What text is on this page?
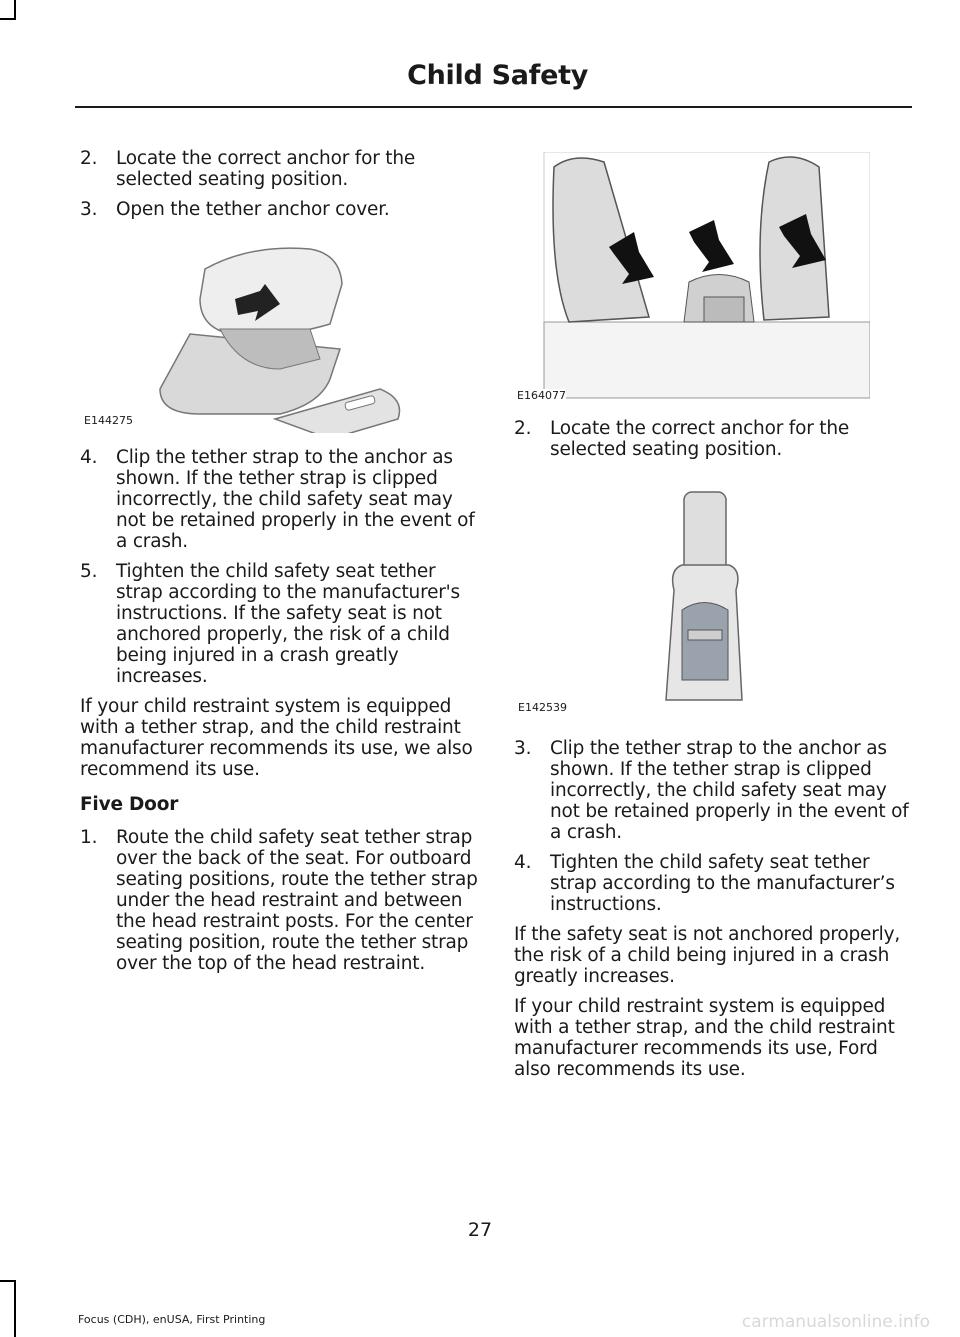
Child Safety
2.	Locate the correct anchor for the selected seating position.
3.	Open the tether anchor cover.
E144275
4.	Clip the tether strap to the anchor as shown. If the tether strap is clipped incorrectly, the child safety seat may not be retained properly in the event of a crash.
5.	Tighten the child safety seat tether strap according to the manufacturer's instructions. If the safety seat is not anchored properly, the risk of a child being injured in a crash greatly increases.

If your child restraint system is equipped with a tether strap, and the child restraint manufacturer recommends its use, we also recommend its use.

Five Door
1.	Route the child safety seat tether strap over the back of the seat. For outboard seating positions, route the tether strap under the head restraint and between the head restraint posts. For the center seating position, route the tether strap over the top of the head restraint.
E164077
2.	Locate the correct anchor for the selected seating position.
E142539
3.	Clip the tether strap to the anchor as shown. If the tether strap is clipped incorrectly, the child safety seat may not be retained properly in the event of a crash.
4.	Tighten the child safety seat tether strap according to the manufacturer’s instructions.

If the safety seat is not anchored properly, the risk of a child being injured in a crash greatly increases.

If your child restraint system is equipped with a tether strap, and the child restraint manufacturer recommends its use, Ford also recommends its use.

27
Focus (CDH), enUSA, First Printing	carmanualsonline.info
